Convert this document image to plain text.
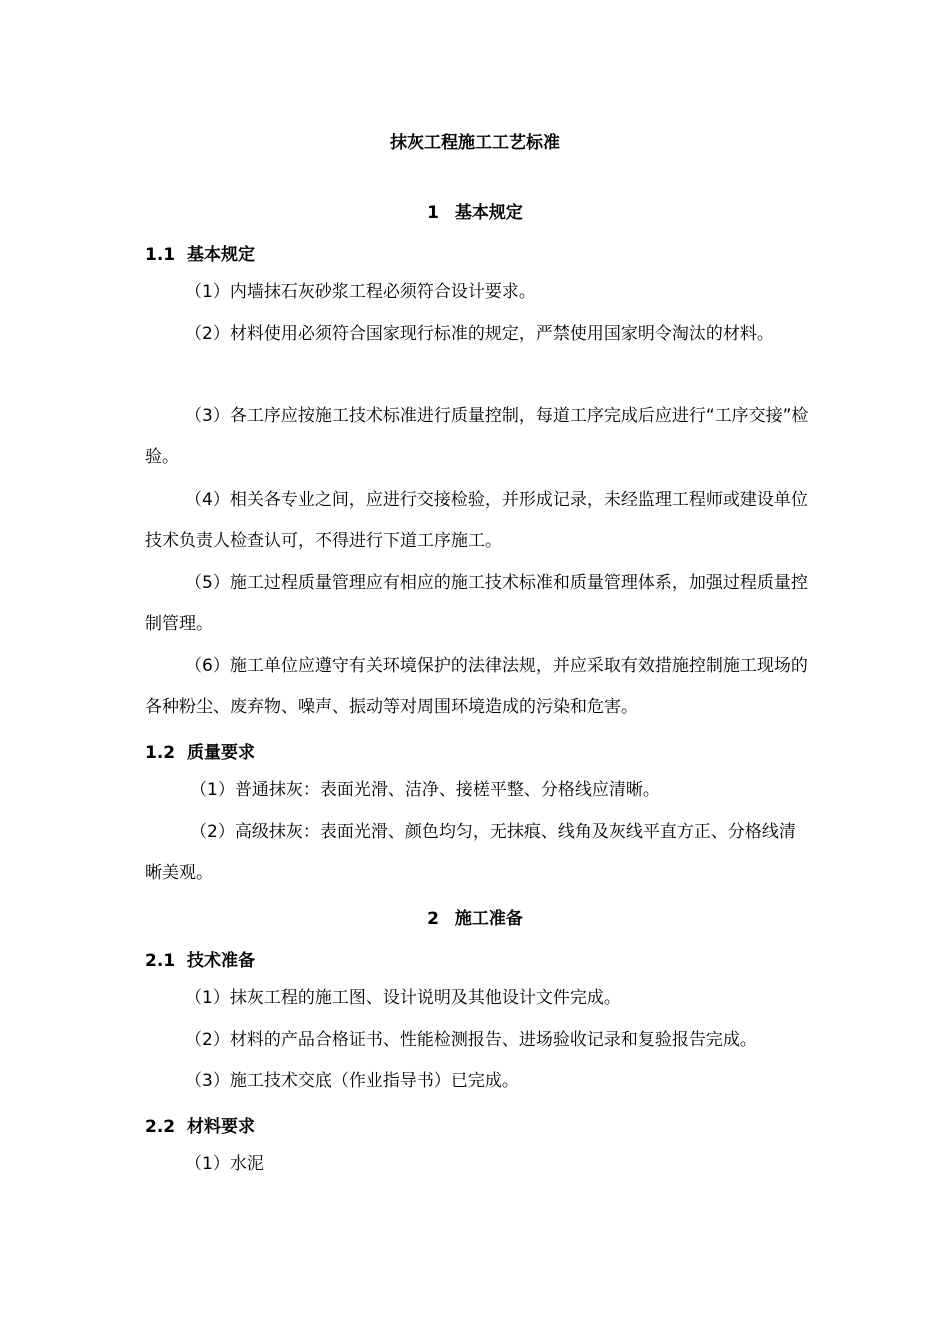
抹灰工程施工工艺标准
1 基本规定
1.1 基本规定

（1）内墙抹石灰砂浆工程必须符合设计要求。

（2）材料使用必须符合国家现行标准的规定，严禁使用国家明令淘汰的材料。

（3）各工序应按施工技术标准进行质量控制，每道工序完成后应进行“工序交接”检验。

（4）相关各专业之间，应进行交接检验，并形成记录，未经监理工程师或建设单位技术负责人检查认可，不得进行下道工序施工。

（5）施工过程质量管理应有相应的施工技术标准和质量管理体系，加强过程质量控制管理。

（6）施工单位应遵守有关环境保护的法律法规，并应采取有效措施控制施工现场的各种粉尘、废弃物、噪声、振动等对周围环境造成的污染和危害。

1.2 质量要求

（1）普通抹灰：表面光滑、洁净、接槎平整、分格线应清晰。

（2）高级抹灰：表面光滑、颜色均匀，无抹痕、线角及灰线平直方正、分格线清晰美观。

2 施工准备
2.1 技术准备

（1）抹灰工程的施工图、设计说明及其他设计文件完成。

（2）材料的产品合格证书、性能检测报告、进场验收记录和复验报告完成。

（3）施工技术交底（作业指导书）已完成。

2.2 材料要求

（1）水泥
